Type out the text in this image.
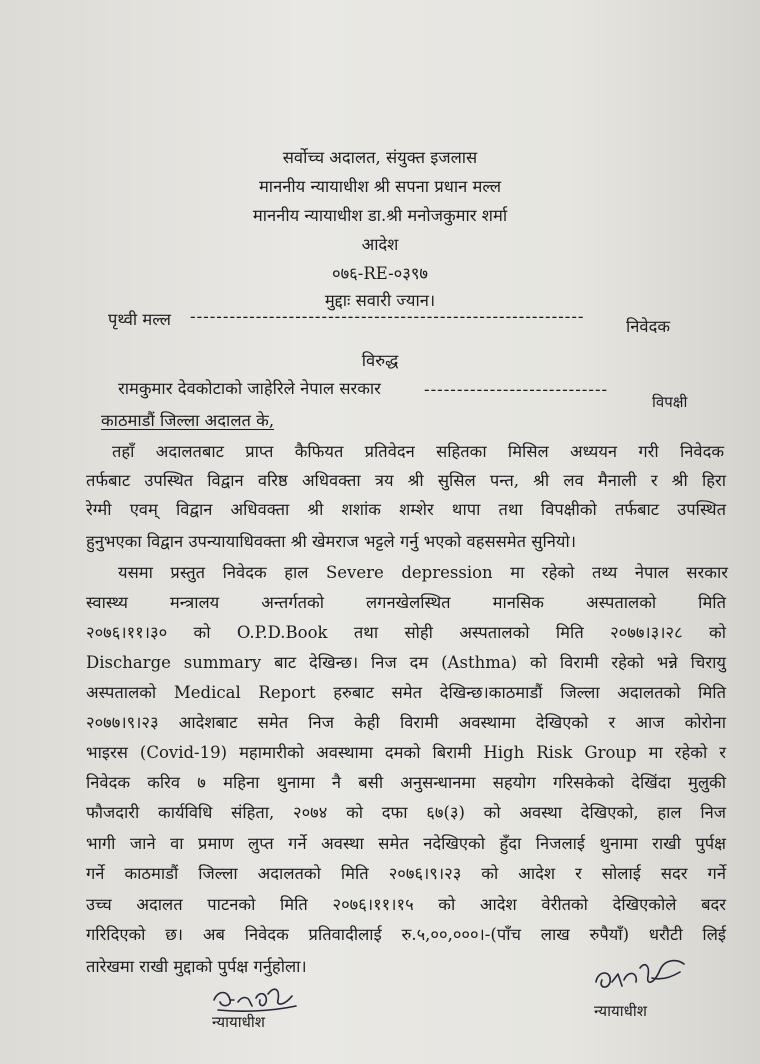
सर्वोच्च अदालत, संयुक्त इजलास
माननीय न्यायाधीश श्री सपना प्रधान मल्ल
माननीय न्यायाधीश डा.श्री मनोजकुमार शर्मा
आदेश
०७६-RE-०३९७
मुद्दाः सवारी ज्यान।
पृथ्वी मल्ल ------------------------------------------------------------
निवेदक
विरुद्ध
रामकुमार देवकोटाको जाहेरिले नेपाल सरकार	----------------------------
विपक्षी
काठमाडौं जिल्ला अदालत के,
तहाँ अदालतबाट प्राप्त कैफियत प्रतिवेदन सहितका मिसिल अध्ययन गरी निवेदक
तर्फबाट उपस्थित विद्वान वरिष्ठ अधिवक्ता त्रय श्री सुसिल पन्त, श्री लव मैनाली र श्री हिरा
रेग्मी एवम् विद्वान अधिवक्ता श्री शशांक शम्शेर थापा तथा विपक्षीको तर्फबाट उपस्थित
हुनुभएका विद्वान उपन्यायाधिवक्ता श्री खेमराज भट्टले गर्नु भएको वहससमेत सुनियो।
यसमा प्रस्तुत निवेदक हाल Severe depression मा रहेको तथ्य नेपाल सरकार
स्वास्थ्य मन्त्रालय अन्तर्गतको लगनखेलस्थित मानसिक अस्पतालको मिति
२०७६।११।३० को O.P.D.Book तथा सोही अस्पतालको मिति २०७७।३।२८ को
Discharge summary बाट देखिन्छ। निज दम (Asthma) को विरामी रहेको भन्ने चिरायु
अस्पतालको Medical Report हरुबाट समेत देखिन्छ।काठमाडौं जिल्ला अदालतको मिति
२०७७।९।२३ आदेशबाट समेत निज केही विरामी अवस्थामा देखिएको र आज कोरोना
भाइरस (Covid-19) महामारीको अवस्थामा दमको बिरामी High Risk Group मा रहेको र
निवेदक करिव ७ महिना थुनामा नै बसी अनुसन्धानमा सहयोग गरिसकेको देखिंदा मुलुकी
फौजदारी कार्यविधि संहिता, २०७४ को दफा ६७(३) को अवस्था देखिएको, हाल निज
भागी जाने वा प्रमाण लुप्त गर्ने अवस्था समेत नदेखिएको हुँदा निजलाई थुनामा राखी पुर्पक्ष
गर्ने काठमाडौं जिल्ला अदालतको मिति २०७६।९।२३ को आदेश र सोलाई सदर गर्ने
उच्च अदालत पाटनको मिति २०७६।११।१५ को आदेश वेरीतको देखिएकोले बदर
गरिदिएको छ। अब निवेदक प्रतिवादीलाई रु.५,००,०००।-(पाँच लाख रुपैयाँ) धरौटी लिई
तारेखमा राखी मुद्दाको पुर्पक्ष गर्नुहोला।
न्यायाधीश
न्यायाधीश
